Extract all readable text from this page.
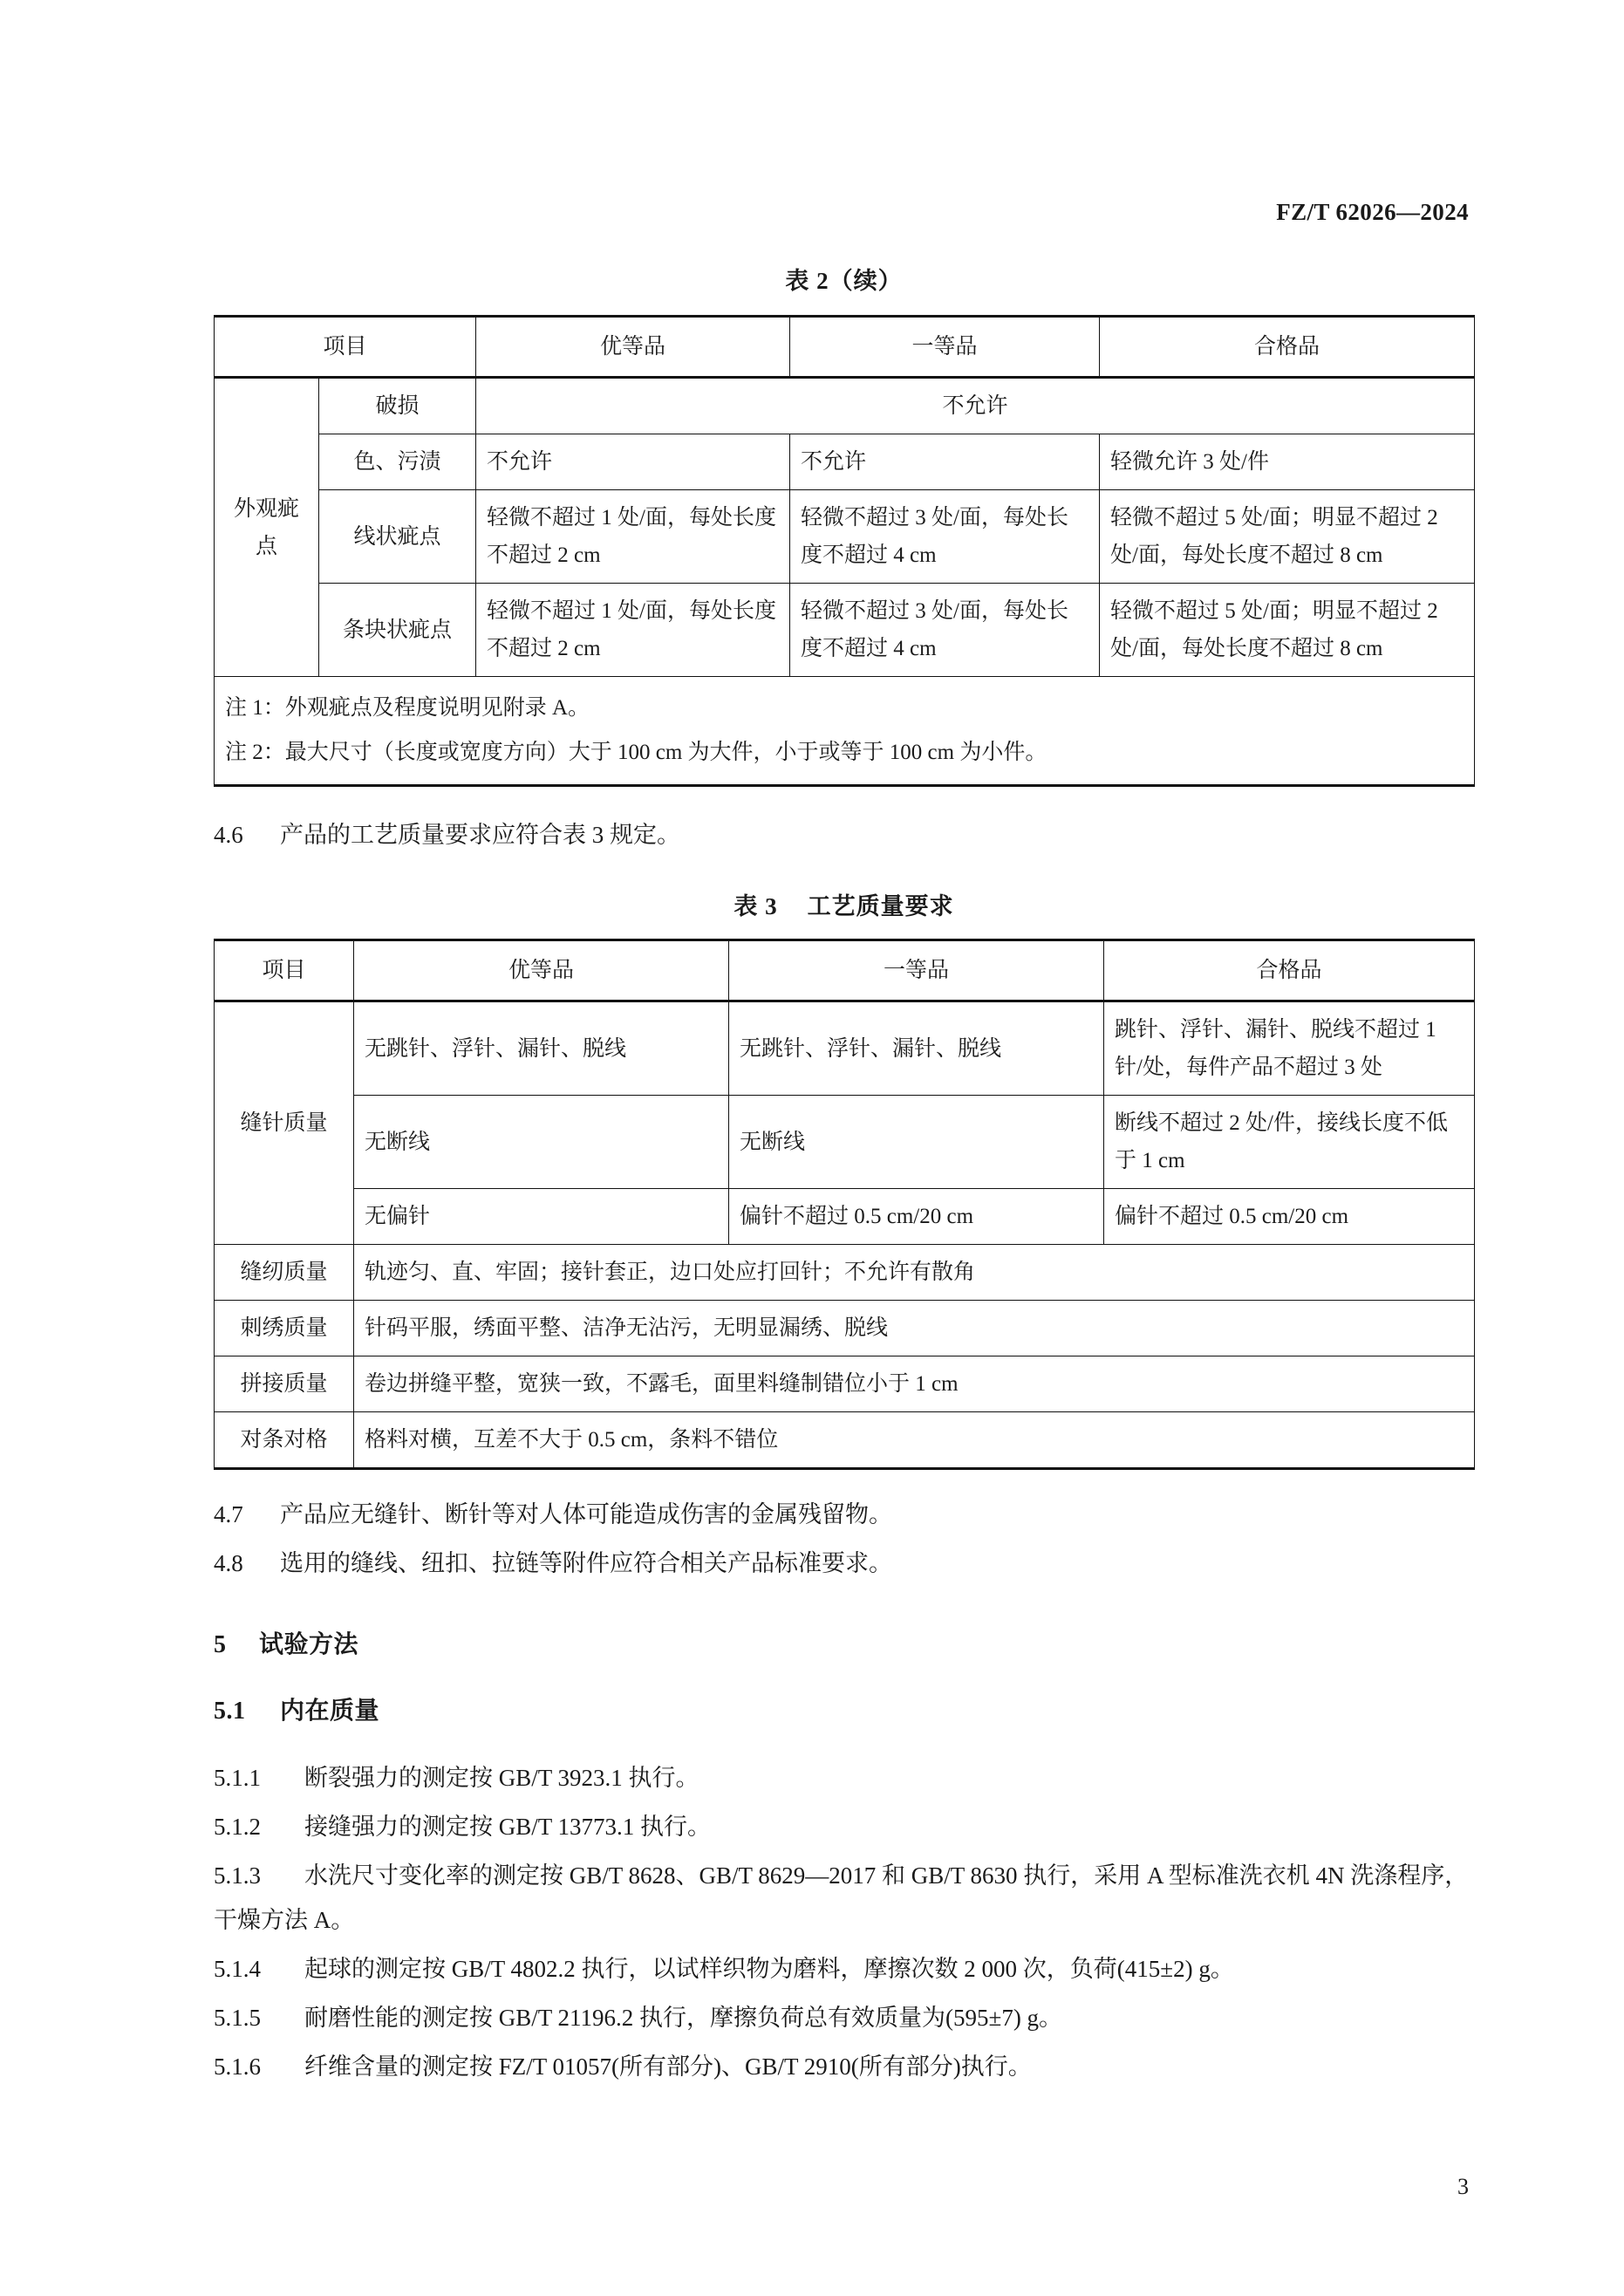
FZ/T 62026—2024
表 2（续）
项目		优等品	一等品	合格品
外观疵点	破损	不允许		
	色、污渍	不允许	不允许	轻微允许 3 处/件
	线状疵点	轻微不超过 1 处/面，每处长度不超过 2 cm	轻微不超过 3 处/面，每处长度不超过 4 cm	轻微不超过 5 处/面；明显不超过 2 处/面，每处长度不超过 8 cm
	条块状疵点	轻微不超过 1 处/面，每处长度不超过 2 cm	轻微不超过 3 处/面，每处长度不超过 4 cm	轻微不超过 5 处/面；明显不超过 2 处/面，每处长度不超过 8 cm

注 1：外观疵点及程度说明见附录 A。
注 2：最大尺寸（长度或宽度方向）大于 100 cm 为大件，小于或等于 100 cm 为小件。				
4.6 产品的工艺质量要求应符合表 3 规定。
表 3 工艺质量要求
项目	优等品	一等品	合格品
缝针质量	无跳针、浮针、漏针、脱线	无跳针、浮针、漏针、脱线	跳针、浮针、漏针、脱线不超过 1 针/处，每件产品不超过 3 处
	无断线	无断线	断线不超过 2 处/件，接线长度不低于 1 cm
	无偏针	偏针不超过 0.5 cm/20 cm	偏针不超过 0.5 cm/20 cm
缝纫质量	轨迹匀、直、牢固；接针套正，边口处应打回针；不允许有散角		
刺绣质量	针码平服，绣面平整、洁净无沾污，无明显漏绣、脱线		
拼接质量	卷边拼缝平整，宽狭一致，不露毛，面里料缝制错位小于 1 cm		
对条对格	格料对横，互差不大于 0.5 cm，条料不错位		
4.7 产品应无缝针、断针等对人体可能造成伤害的金属残留物。
4.8 选用的缝线、纽扣、拉链等附件应符合相关产品标准要求。
5 试验方法
5.1 内在质量
5.1.1 断裂强力的测定按 GB/T 3923.1 执行。
5.1.2 接缝强力的测定按 GB/T 13773.1 执行。
5.1.3 水洗尺寸变化率的测定按 GB/T 8628、GB/T 8629—2017 和 GB/T 8630 执行，采用 A 型标准洗衣机 4N 洗涤程序，干燥方法 A。
5.1.4 起球的测定按 GB/T 4802.2 执行，以试样织物为磨料，摩擦次数 2 000 次，负荷(415±2) g。
5.1.5 耐磨性能的测定按 GB/T 21196.2 执行，摩擦负荷总有效质量为(595±7) g。
5.1.6 纤维含量的测定按 FZ/T 01057(所有部分)、GB/T 2910(所有部分)执行。
3
